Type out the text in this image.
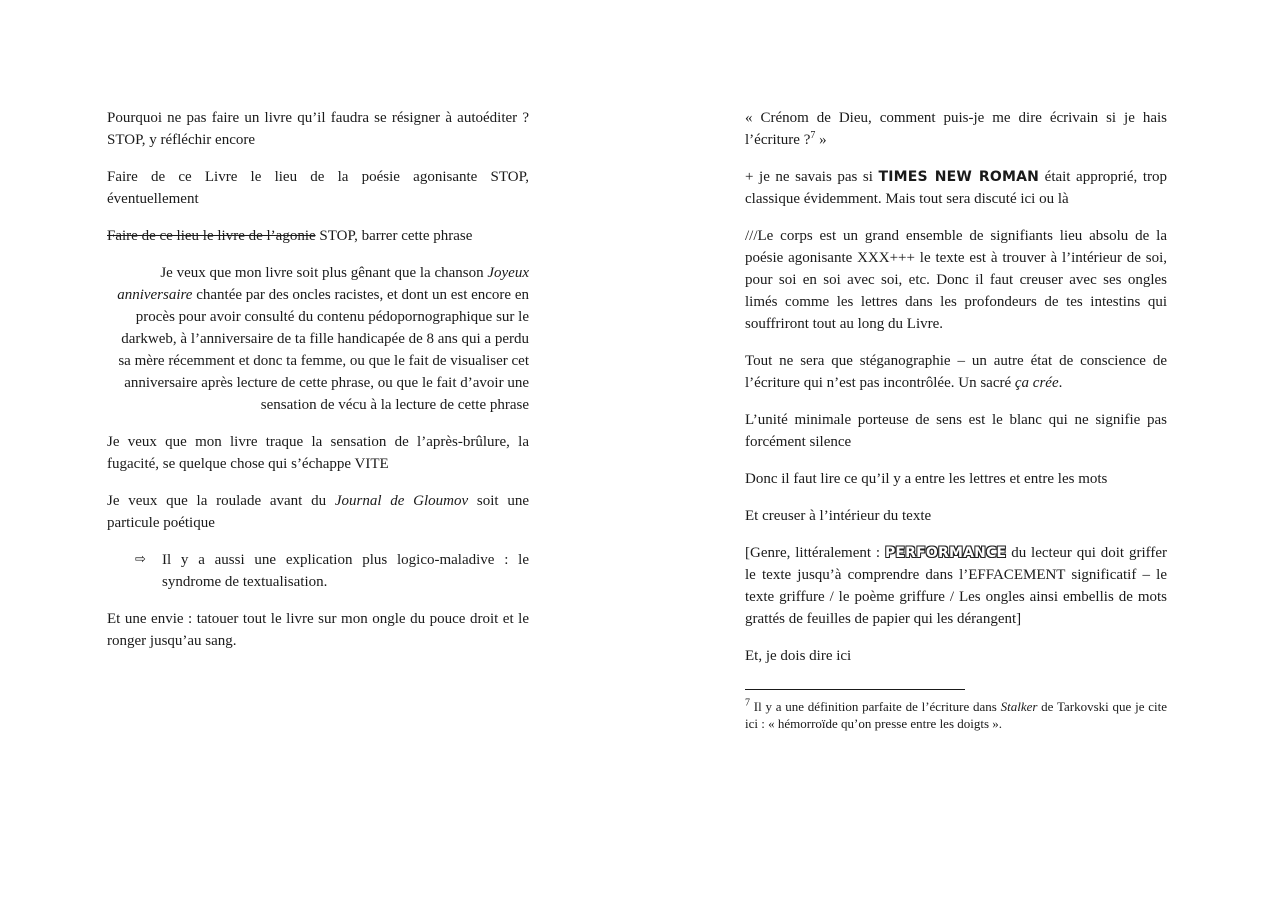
Pourquoi ne pas faire un livre qu’il faudra se résigner à autoéditer ? STOP, y réfléchir encore

Faire de ce Livre le lieu de la poésie agonisante STOP, éventuellement

Faire de ce lieu le livre de l’agonie STOP, barrer cette phrase

Je veux que mon livre soit plus gênant que la chanson Joyeux anniversaire chantée par des oncles racistes, et dont un est encore en procès pour avoir consulté du contenu pédopornographique sur le darkweb, à l’anniversaire de ta fille handicapée de 8 ans qui a perdu sa mère récemment et donc ta femme, ou que le fait de visualiser cet anniversaire après lecture de cette phrase, ou que le fait d’avoir une sensation de vécu à la lecture de cette phrase

Je veux que mon livre traque la sensation de l’après-brûlure, la fugacité, se quelque chose qui s’échappe VITE

Je veux que la roulade avant du Journal de Gloumov soit une particule poétique

⇨	Il y a aussi une explication plus logico-maladive : le syndrome de textualisation.

Et une envie : tatouer tout le livre sur mon ongle du pouce droit et le ronger jusqu’au sang.

« Crénom de Dieu, comment puis-je me dire écrivain si je hais l’écriture ?$^7$ »

+ je ne savais pas si TIMES NEW ROMAN était approprié, trop classique évidemment. Mais tout sera discuté ici ou là

///Le corps est un grand ensemble de signifiants lieu absolu de la poésie agonisante XXX+++ le texte est à trouver à l’intérieur de soi, pour soi en soi avec soi, etc. Donc il faut creuser avec ses ongles limés comme les lettres dans les profondeurs de tes intestins qui souffriront tout au long du Livre.

Tout ne sera que stéganographie – un autre état de conscience de l’écriture qui n’est pas incontrôlée. Un sacré ça crée.

L’unité minimale porteuse de sens est le blanc qui ne signifie pas forcément silence

Donc il faut lire ce qu’il y a entre les lettres et entre les mots

Et creuser à l’intérieur du texte

[Genre, littéralement : PERFORMANCE du lecteur qui doit griffer le texte jusqu’à comprendre dans l’EFFACEMENT significatif – le texte griffure / le poème griffure / Les ongles ainsi embellis de mots grattés de feuilles de papier qui les dérangent]

Et, je dois dire ici

$^7$ Il y a une définition parfaite de l’écriture dans Stalker de Tarkovski que je cite ici : « hémorroïde qu’on presse entre les doigts ».
